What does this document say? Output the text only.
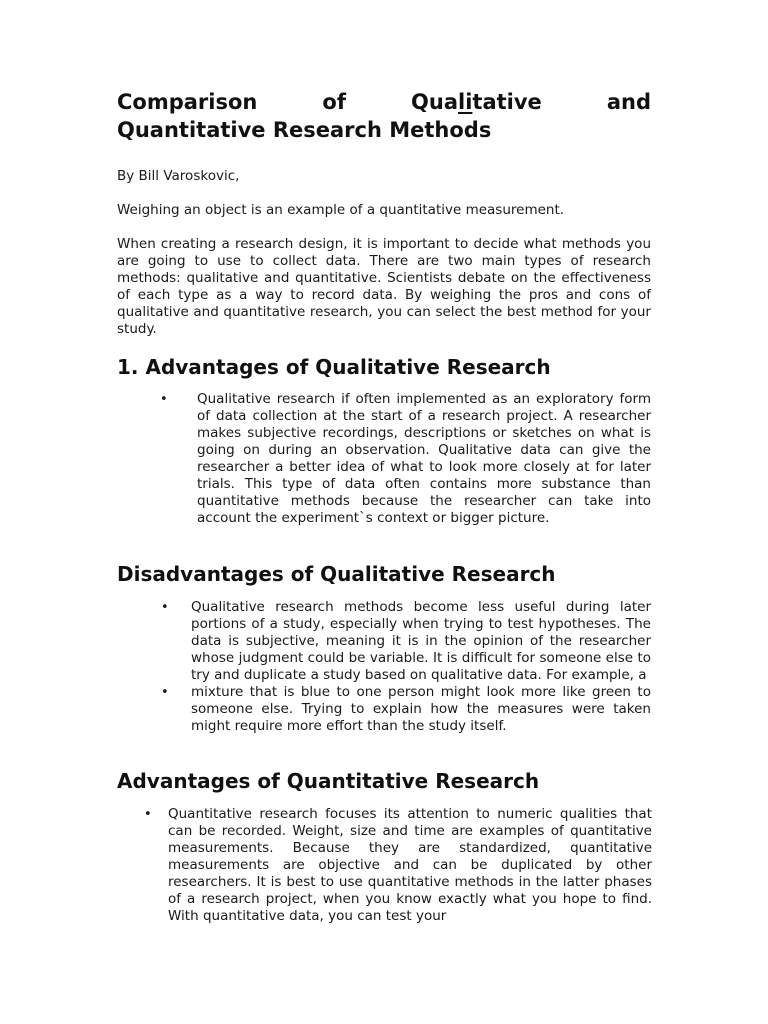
Comparison	of	Qualitative	and
Quantitative Research Methods

By Bill Varoskovic,

Weighing an object is an example of a quantitative measurement.

When creating a research design, it is important to decide what methods you are going to use to collect data. There are two main types of research methods: qualitative and quantitative. Scientists debate on the effectiveness of each type as a way to record data. By weighing the pros and cons of qualitative and quantitative research, you can select the best method for your study.

1. Advantages of Qualitative Research
• Qualitative research if often implemented as an exploratory form of data collection at the start of a research project. A researcher makes subjective recordings, descriptions or sketches on what is going on during an observation. Qualitative data can give the researcher a better idea of what to look more closely at for later trials. This type of data often contains more substance than quantitative methods because the researcher can take into account the experiment`s context or bigger picture.
Disadvantages of Qualitative Research
• Qualitative research methods become less useful during later portions of a study, especially when trying to test hypotheses. The data is subjective, meaning it is in the opinion of the researcher whose judgment could be variable. It is difficult for someone else to try and duplicate a study based on qualitative data. For example, a
• mixture that is blue to one person might look more like green to someone else. Trying to explain how the measures were taken might require more effort than the study itself.
Advantages of Quantitative Research
• Quantitative research focuses its attention to numeric qualities that can be recorded. Weight, size and time are examples of quantitative measurements. Because they are standardized, quantitative measurements are objective and can be duplicated by other researchers. It is best to use quantitative methods in the latter phases of a research project, when you know exactly what you hope to find. With quantitative data, you can test your
